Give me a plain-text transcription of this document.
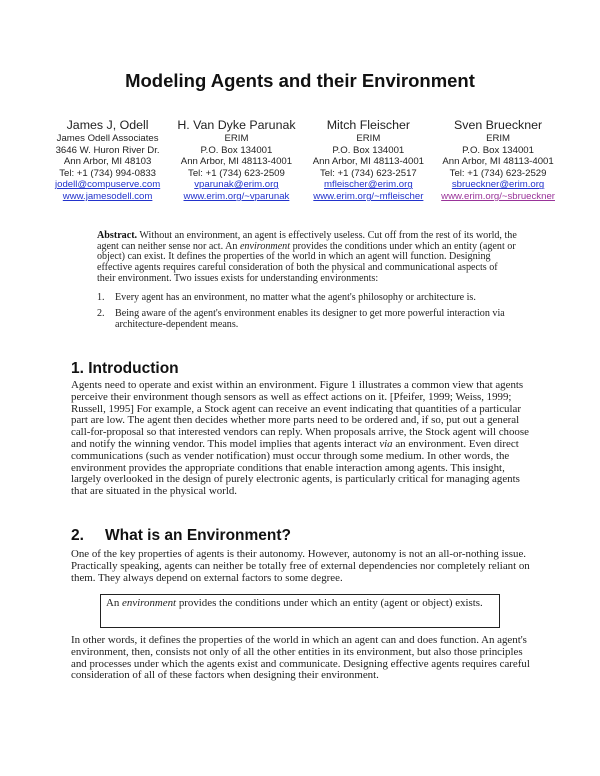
Modeling Agents and their Environment
James J, Odell
James Odell Associates
3646 W. Huron River Dr.
Ann Arbor, MI 48103
Tel: +1 (734) 994-0833
jodell@compuserve.com
www.jamesodell.com
H. Van Dyke Parunak
ERIM
P.O. Box 134001
Ann Arbor, MI 48113-4001
Tel: +1 (734) 623-2509
vparunak@erim.org
www.erim.org/~vparunak
Mitch Fleischer
ERIM
P.O. Box 134001
Ann Arbor, MI 48113-4001
Tel: +1 (734) 623-2517
mfleischer@erim.org
www.erim.org/~mfleischer
Sven Brueckner
ERIM
P.O. Box 134001
Ann Arbor, MI 48113-4001
Tel: +1 (734) 623-2529
sbrueckner@erim.org
www.erim.org/~sbrueckner
Abstract. Without an environment, an agent is effectively useless. Cut off from the rest of its world, the agent can neither sense nor act. An environment provides the conditions under which an entity (agent or object) can exist. It defines the properties of the world in which an agent will function. Designing effective agents requires careful consideration of both the physical and communicational aspects of their environment. Two issues exists for understanding environments:
1. Every agent has an environment, no matter what the agent's philosophy or architecture is.
2. Being aware of the agent's environment enables its designer to get more powerful interaction via architecture-dependent means.
1. Introduction
Agents need to operate and exist within an environment. Figure 1 illustrates a common view that agents perceive their environment though sensors as well as effect actions on it. [Pfeifer, 1999; Weiss, 1999; Russell, 1995] For example, a Stock agent can receive an event indicating that quantities of a particular part are low. The agent then decides whether more parts need to be ordered and, if so, put out a general call-for-proposal so that interested vendors can reply. When proposals arrive, the Stock agent will choose and notify the winning vendor. This model implies that agents interact via an environment. Even direct communications (such as vender notification) must occur through some medium. In other words, the environment provides the appropriate conditions that enable interaction among agents. This insight, largely overlooked in the design of purely electronic agents, is particularly critical for managing agents that are situated in the physical world.
2. What is an Environment?
One of the key properties of agents is their autonomy. However, autonomy is not an all-or-nothing issue. Practically speaking, agents can neither be totally free of external dependencies nor completely reliant on them. They always depend on external factors to some degree.
An environment provides the conditions under which an entity (agent or object) exists.
In other words, it defines the properties of the world in which an agent can and does function. An agent's environment, then, consists not only of all the other entities in its environment, but also those principles and processes under which the agents exist and communicate. Designing effective agents requires careful consideration of all of these factors when designing their environment.
